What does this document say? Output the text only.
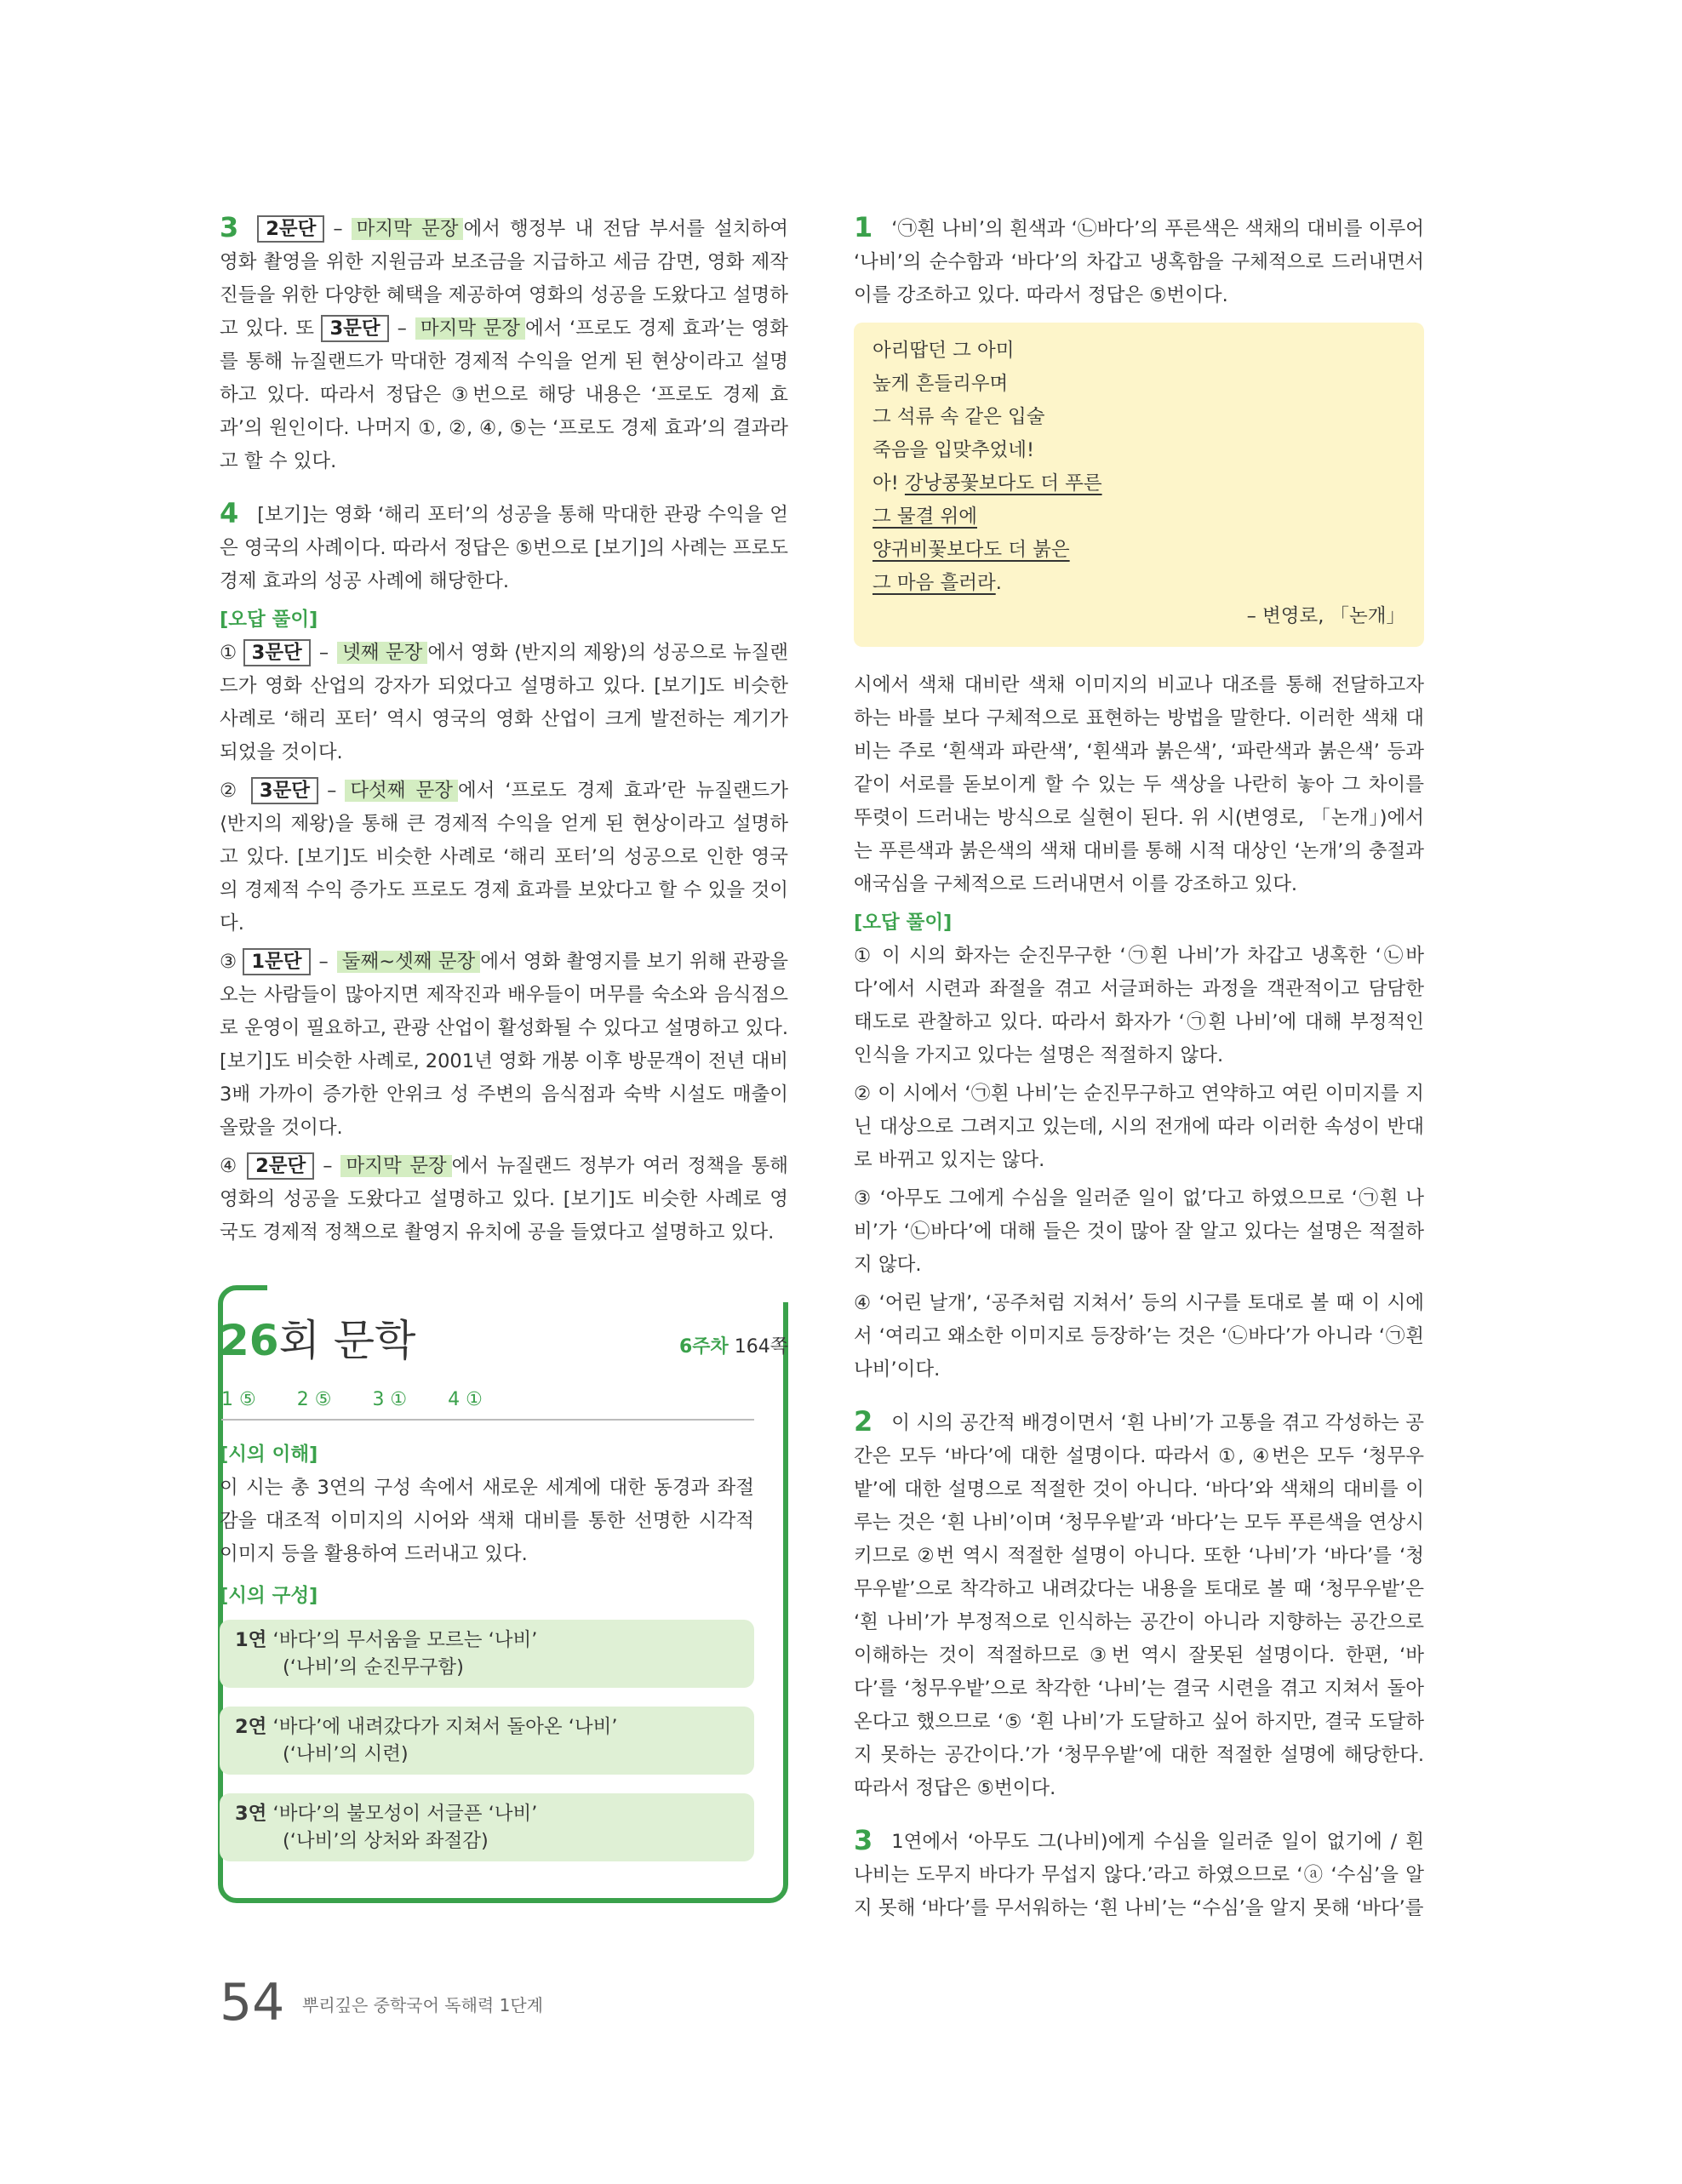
3 2문단 – 마지막 문장 에서 행정부 내 전담 부서를 설치하여 영화 촬영을 위한 지원금과 보조금을 지급하고 세금 감면, 영화 제작진들을 위한 다양한 혜택을 제공하여 영화의 성공을 도왔다고 설명하고 있다. 또 3문단 – 마지막 문장 에서 ‘프로도 경제 효과’는 영화를 통해 뉴질랜드가 막대한 경제적 수익을 얻게 된 현상이라고 설명하고 있다. 따라서 정답은 ③번으로 해당 내용은 ‘프로도 경제 효과’의 원인이다. 나머지 ①, ②, ④, ⑤는 ‘프로도 경제 효과’의 결과라고 할 수 있다.

4 [보기]는 영화 ‘해리 포터’의 성공을 통해 막대한 관광 수익을 얻은 영국의 사례이다. 따라서 정답은 ⑤번으로 [보기]의 사례는 프로도 경제 효과의 성공 사례에 해당한다.

[오답 풀이]

① 3문단 – 넷째 문장 에서 영화 ⟨반지의 제왕⟩의 성공으로 뉴질랜드가 영화 산업의 강자가 되었다고 설명하고 있다. [보기]도 비슷한 사례로 ‘해리 포터’ 역시 영국의 영화 산업이 크게 발전하는 계기가 되었을 것이다.

② 3문단 – 다섯째 문장 에서 ‘프로도 경제 효과’란 뉴질랜드가 ⟨반지의 제왕⟩을 통해 큰 경제적 수익을 얻게 된 현상이라고 설명하고 있다. [보기]도 비슷한 사례로 ‘해리 포터’의 성공으로 인한 영국의 경제적 수익 증가도 프로도 경제 효과를 보았다고 할 수 있을 것이다.

③ 1문단 – 둘째~셋째 문장 에서 영화 촬영지를 보기 위해 관광을 오는 사람들이 많아지면 제작진과 배우들이 머무를 숙소와 음식점으로 운영이 필요하고, 관광 산업이 활성화될 수 있다고 설명하고 있다. [보기]도 비슷한 사례로, 2001년 영화 개봉 이후 방문객이 전년 대비 3배 가까이 증가한 안위크 성 주변의 음식점과 숙박 시설도 매출이 올랐을 것이다.

④ 2문단 – 마지막 문장 에서 뉴질랜드 정부가 여러 정책을 통해 영화의 성공을 도왔다고 설명하고 있다. [보기]도 비슷한 사례로 영국도 경제적 정책으로 촬영지 유치에 공을 들였다고 설명하고 있다.

26회 문학	6주차 164쪽
1 ⑤ 2 ⑤ 3 ① 4 ①

[시의 이해]

이 시는 총 3연의 구성 속에서 새로운 세계에 대한 동경과 좌절감을 대조적 이미지의 시어와 색채 대비를 통한 선명한 시각적 이미지 등을 활용하여 드러내고 있다.

[시의 구성]

1연 ‘바다’의 무서움을 모르는 ‘나비’
(‘나비’의 순진무구함)
2연 ‘바다’에 내려갔다가 지쳐서 돌아온 ‘나비’
(‘나비’의 시련)
3연 ‘바다’의 불모성이 서글픈 ‘나비’
(‘나비’의 상처와 좌절감)

1 ‘㉠흰 나비’의 흰색과 ‘㉡바다’의 푸른색은 색채의 대비를 이루어 ‘나비’의 순수함과 ‘바다’의 차갑고 냉혹함을 구체적으로 드러내면서 이를 강조하고 있다. 따라서 정답은 ⑤번이다.

아리땁던 그 아미
높게 흔들리우며
그 석류 속 같은 입술
죽음을 입맞추었네!
아! 강낭콩꽃보다도 더 푸른
그 물결 위에
양귀비꽃보다도 더 붉은
그 마음 흘러라.
– 변영로, 「논개」

시에서 색채 대비란 색채 이미지의 비교나 대조를 통해 전달하고자 하는 바를 보다 구체적으로 표현하는 방법을 말한다. 이러한 색채 대비는 주로 ‘흰색과 파란색’, ‘흰색과 붉은색’, ‘파란색과 붉은색’ 등과 같이 서로를 돋보이게 할 수 있는 두 색상을 나란히 놓아 그 차이를 뚜렷이 드러내는 방식으로 실현이 된다. 위 시(변영로, 「논개」)에서는 푸른색과 붉은색의 색채 대비를 통해 시적 대상인 ‘논개’의 충절과 애국심을 구체적으로 드러내면서 이를 강조하고 있다.

[오답 풀이]

① 이 시의 화자는 순진무구한 ‘㉠흰 나비’가 차갑고 냉혹한 ‘㉡바다’에서 시련과 좌절을 겪고 서글퍼하는 과정을 객관적이고 담담한 태도로 관찰하고 있다. 따라서 화자가 ‘㉠흰 나비’에 대해 부정적인 인식을 가지고 있다는 설명은 적절하지 않다.

② 이 시에서 ‘㉠흰 나비’는 순진무구하고 연약하고 여린 이미지를 지닌 대상으로 그려지고 있는데, 시의 전개에 따라 이러한 속성이 반대로 바뀌고 있지는 않다.

③ ‘아무도 그에게 수심을 일러준 일이 없’다고 하였으므로 ‘㉠흰 나비’가 ‘㉡바다’에 대해 들은 것이 많아 잘 알고 있다는 설명은 적절하지 않다.

④ ‘어린 날개’, ‘공주처럼 지쳐서’ 등의 시구를 토대로 볼 때 이 시에서 ‘여리고 왜소한 이미지로 등장하’는 것은 ‘㉡바다’가 아니라 ‘㉠흰 나비’이다.

2 이 시의 공간적 배경이면서 ‘흰 나비’가 고통을 겪고 각성하는 공간은 모두 ‘바다’에 대한 설명이다. 따라서 ①, ④번은 모두 ‘청무우밭’에 대한 설명으로 적절한 것이 아니다. ‘바다’와 색채의 대비를 이루는 것은 ‘흰 나비’이며 ‘청무우밭’과 ‘바다’는 모두 푸른색을 연상시키므로 ②번 역시 적절한 설명이 아니다. 또한 ‘나비’가 ‘바다’를 ‘청무우밭’으로 착각하고 내려갔다는 내용을 토대로 볼 때 ‘청무우밭’은 ‘흰 나비’가 부정적으로 인식하는 공간이 아니라 지향하는 공간으로 이해하는 것이 적절하므로 ③번 역시 잘못된 설명이다. 한편, ‘바다’를 ‘청무우밭’으로 착각한 ‘나비’는 결국 시련을 겪고 지쳐서 돌아온다고 했으므로 ‘⑤ ‘흰 나비’가 도달하고 싶어 하지만, 결국 도달하지 못하는 공간이다.’가 ‘청무우밭’에 대한 적절한 설명에 해당한다. 따라서 정답은 ⑤번이다.

3 1연에서 ‘아무도 그(나비)에게 수심을 일러준 일이 없기에 / 흰 나비는 도무지 바다가 무섭지 않다.’라고 하였으므로 ‘ⓐ ‘수심’을 알지 못해 ‘바다’를 무서워하는 ‘흰 나비’는 “수심’을 알지 못해 ‘바다’를

54 뿌리깊은 중학국어 독해력 1단계
